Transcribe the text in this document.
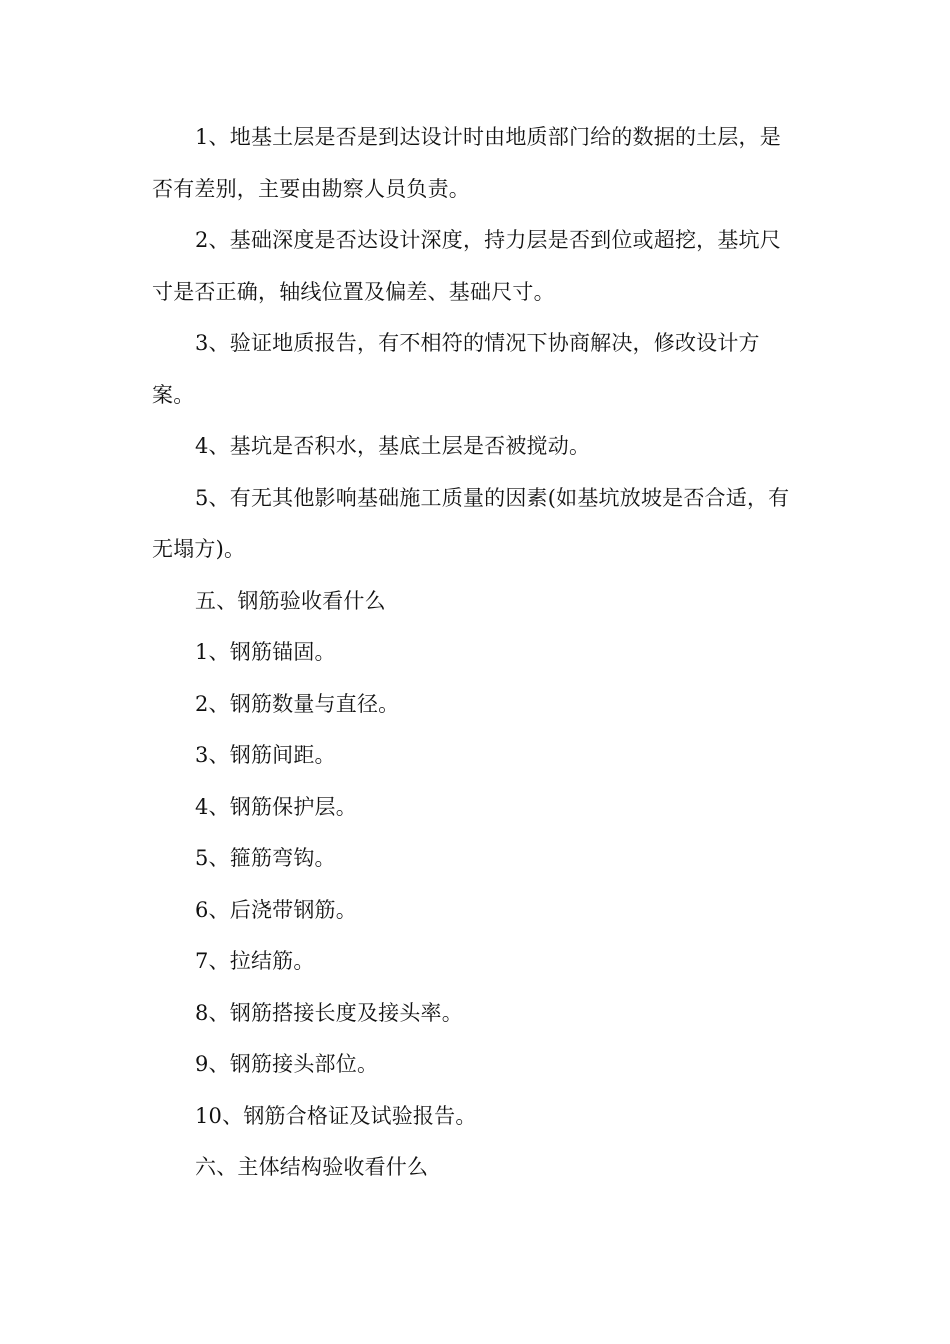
1、地基土层是否是到达设计时由地质部门给的数据的土层，是否有差别，主要由勘察人员负责。

2、基础深度是否达设计深度，持力层是否到位或超挖，基坑尺寸是否正确，轴线位置及偏差、基础尺寸。

3、验证地质报告，有不相符的情况下协商解决，修改设计方案。

4、基坑是否积水，基底土层是否被搅动。

5、有无其他影响基础施工质量的因素(如基坑放坡是否合适，有无塌方)。

五、钢筋验收看什么

1、钢筋锚固。

2、钢筋数量与直径。

3、钢筋间距。

4、钢筋保护层。

5、箍筋弯钩。

6、后浇带钢筋。

7、拉结筋。

8、钢筋搭接长度及接头率。

9、钢筋接头部位。

10、钢筋合格证及试验报告。

六、主体结构验收看什么
